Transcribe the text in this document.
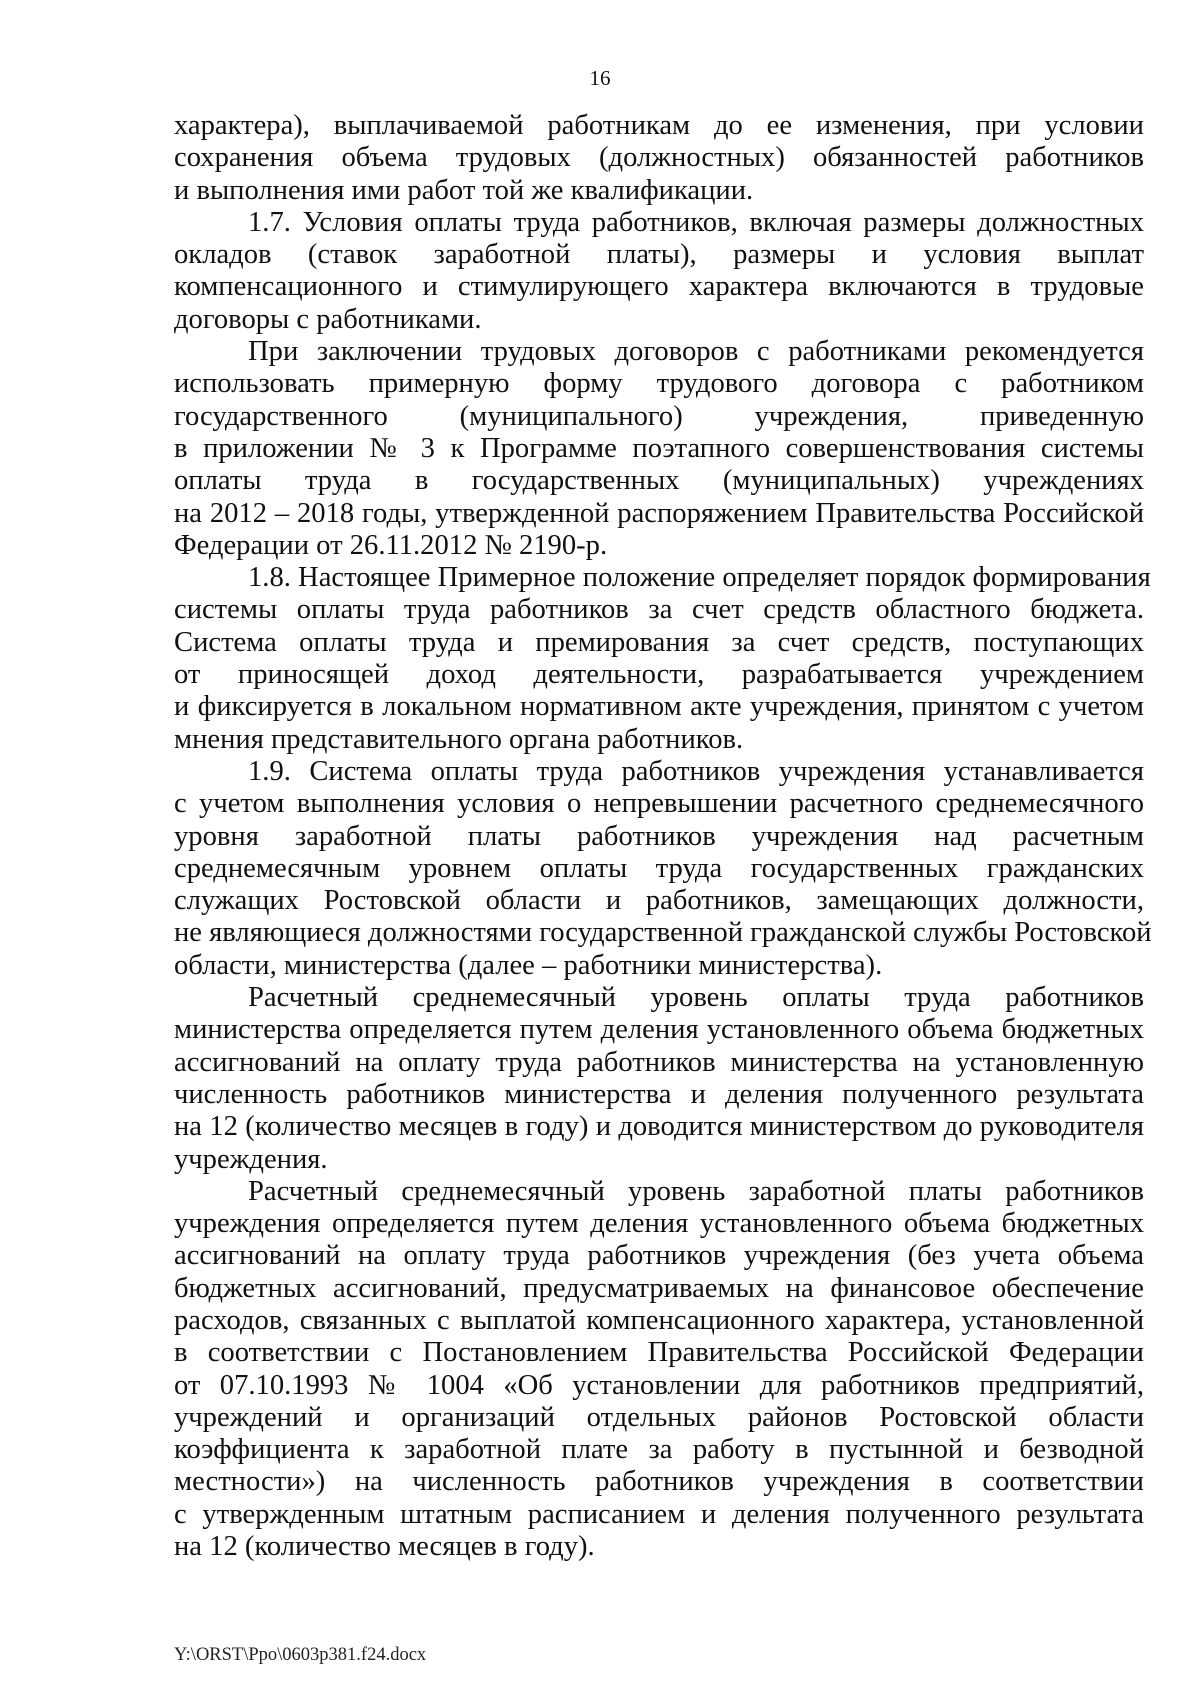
16
характера), выплачиваемой работникам до ее изменения, при условии
сохранения объема трудовых (должностных) обязанностей работников
и выполнения ими работ той же квалификации.
1.7. Условия оплаты труда работников, включая размеры должностных
окладов (ставок заработной платы), размеры и условия выплат
компенсационного и стимулирующего характера включаются в трудовые
договоры с работниками.
При заключении трудовых договоров с работниками рекомендуется
использовать примерную форму трудового договора с работником
государственного (муниципального) учреждения, приведенную
в приложении № 3 к Программе поэтапного совершенствования системы
оплаты труда в государственных (муниципальных) учреждениях
на 2012 – 2018 годы, утвержденной распоряжением Правительства Российской
Федерации от 26.11.2012 № 2190-р.
1.8. Настоящее Примерное положение определяет порядок формирования
системы оплаты труда работников за счет средств областного бюджета.
Система оплаты труда и премирования за счет средств, поступающих
от приносящей доход деятельности, разрабатывается учреждением
и фиксируется в локальном нормативном акте учреждения, принятом с учетом
мнения представительного органа работников.
1.9. Система оплаты труда работников учреждения устанавливается
с учетом выполнения условия о непревышении расчетного среднемесячного
уровня заработной платы работников учреждения над расчетным
среднемесячным уровнем оплаты труда государственных гражданских
служащих Ростовской области и работников, замещающих должности,
не являющиеся должностями государственной гражданской службы Ростовской
области, министерства (далее – работники министерства).
Расчетный среднемесячный уровень оплаты труда работников
министерства определяется путем деления установленного объема бюджетных
ассигнований на оплату труда работников министерства на установленную
численность работников министерства и деления полученного результата
на 12 (количество месяцев в году) и доводится министерством до руководителя
учреждения.
Расчетный среднемесячный уровень заработной платы работников
учреждения определяется путем деления установленного объема бюджетных
ассигнований на оплату труда работников учреждения (без учета объема
бюджетных ассигнований, предусматриваемых на финансовое обеспечение
расходов, связанных с выплатой компенсационного характера, установленной
в соответствии с Постановлением Правительства Российской Федерации
от 07.10.1993 № 1004 «Об установлении для работников предприятий,
учреждений и организаций отдельных районов Ростовской области
коэффициента к заработной плате за работу в пустынной и безводной
местности») на численность работников учреждения в соответствии
с утвержденным штатным расписанием и деления полученного результата
на 12 (количество месяцев в году).
Y:\ORST\Ppo\0603p381.f24.docx
